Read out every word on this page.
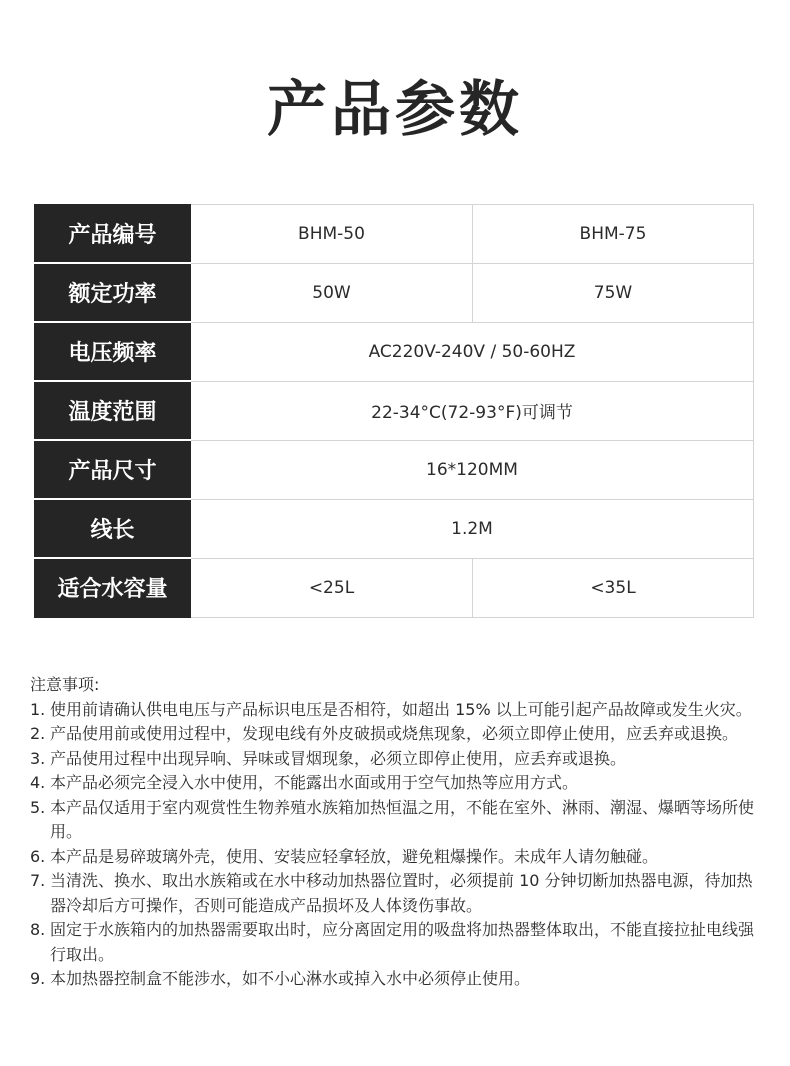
产品参数
产品编号	BHM-50	BHM-75
额定功率	50W	75W
电压频率	AC220V-240V / 50-60HZ	
温度范围	22-34°C(72-93°F)可调节	
产品尺寸	16*120MM	
线长	1.2M	
适合水容量	<25L	<35L
注意事项:
1. 使用前请确认供电电压与产品标识电压是否相符，如超出 15% 以上可能引起产品故障或发生火灾。
2. 产品使用前或使用过程中，发现电线有外皮破损或烧焦现象，必须立即停止使用，应丢弃或退换。
3. 产品使用过程中出现异响、异味或冒烟现象，必须立即停止使用，应丢弃或退换。
4. 本产品必须完全浸入水中使用，不能露出水面或用于空气加热等应用方式。
5. 本产品仅适用于室内观赏性生物养殖水族箱加热恒温之用，不能在室外、淋雨、潮湿、爆晒等场所使用。
6. 本产品是易碎玻璃外壳，使用、安装应轻拿轻放，避免粗爆操作。未成年人请勿触碰。
7. 当清洗、换水、取出水族箱或在水中移动加热器位置时，必须提前 10 分钟切断加热器电源，待加热器冷却后方可操作，否则可能造成产品损坏及人体烫伤事故。
8. 固定于水族箱内的加热器需要取出时，应分离固定用的吸盘将加热器整体取出，不能直接拉扯电线强行取出。
9. 本加热器控制盒不能涉水，如不小心淋水或掉入水中必须停止使用。
